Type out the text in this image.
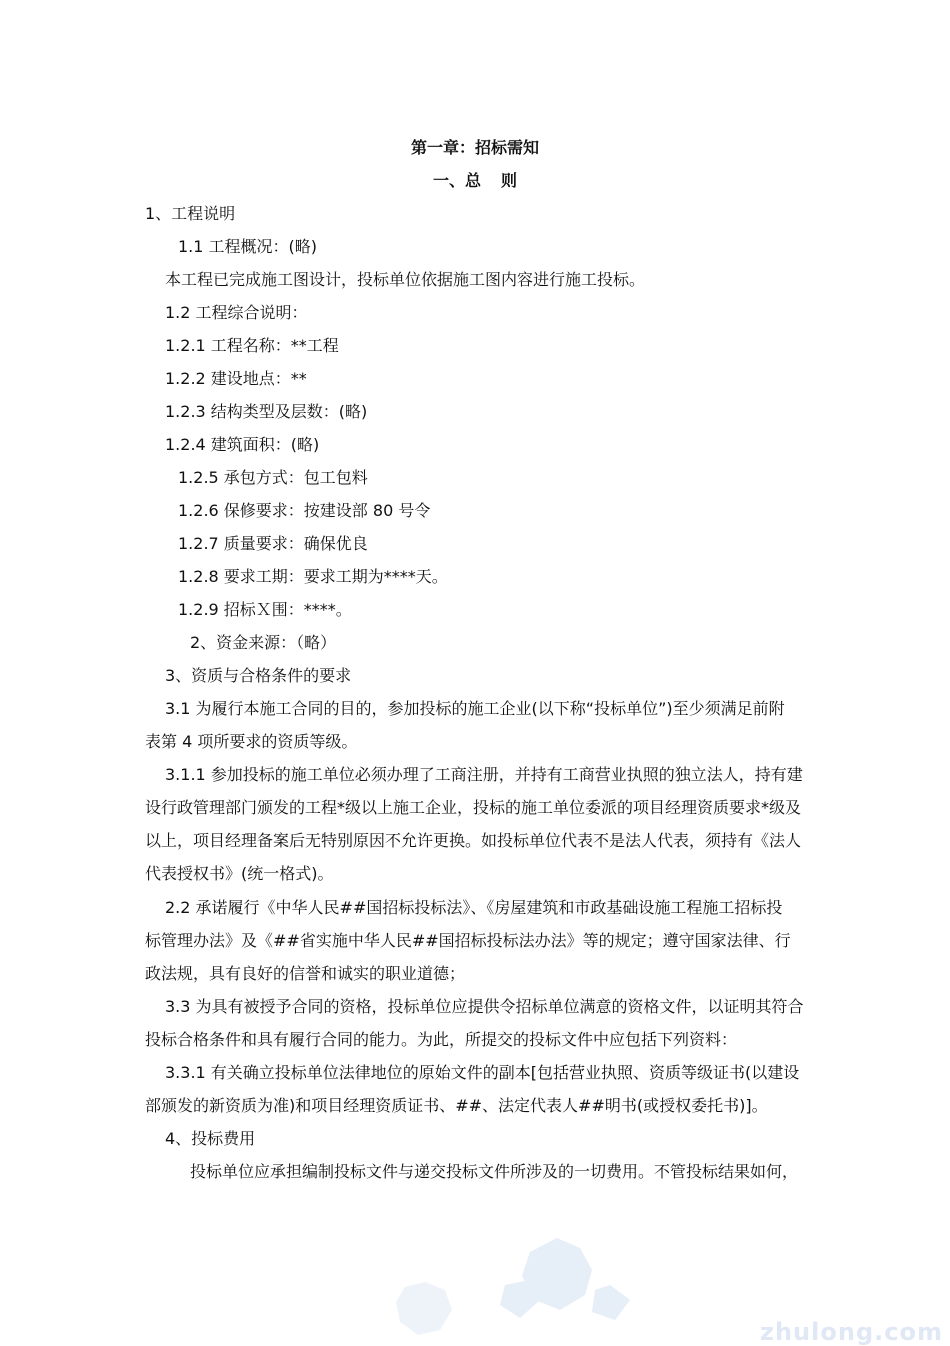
第一章：招标需知
一、总 则
1、工程说明
1.1 工程概况：(略)
本工程已完成施工图设计，投标单位依据施工图内容进行施工投标。
1.2 工程综合说明：
1.2.1 工程名称：**工程
1.2.2 建设地点：**
1.2.3 结构类型及层数：(略)
1.2.4 建筑面积：(略)
1.2.5 承包方式：包工包料
1.2.6 保修要求：按建设部 80 号令
1.2.7 质量要求：确保优良
1.2.8 要求工期：要求工期为****天。
1.2.9 招标Ｘ围：****。
2、资金来源：（略）
3、资质与合格条件的要求
3.1 为履行本施工合同的目的，参加投标的施工企业(以下称“投标单位”)至少须满足前附
表第 4 项所要求的资质等级。
3.1.1 参加投标的施工单位必须办理了工商注册，并持有工商营业执照的独立法人，持有建
设行政管理部门颁发的工程*级以上施工企业，投标的施工单位委派的项目经理资质要求*级及
以上，项目经理备案后无特别原因不允许更换。如投标单位代表不是法人代表，须持有《法人
代表授权书》(统一格式)。
2.2 承诺履行《中华人民##国招标投标法》、《房屋建筑和市政基础设施工程施工招标投
标管理办法》及《##省实施中华人民##国招标投标法办法》等的规定；遵守国家法律、行
政法规，具有良好的信誉和诚实的职业道德；
3.3 为具有被授予合同的资格，投标单位应提供令招标单位满意的资格文件，以证明其符合
投标合格条件和具有履行合同的能力。为此，所提交的投标文件中应包括下列资料：
3.3.1 有关确立投标单位法律地位的原始文件的副本[包括营业执照、资质等级证书(以建设
部颁发的新资质为准)和项目经理资质证书、##、法定代表人##明书(或授权委托书)]。
4、投标费用
投标单位应承担编制投标文件与递交投标文件所涉及的一切费用。不管投标结果如何，
zhulong.com
